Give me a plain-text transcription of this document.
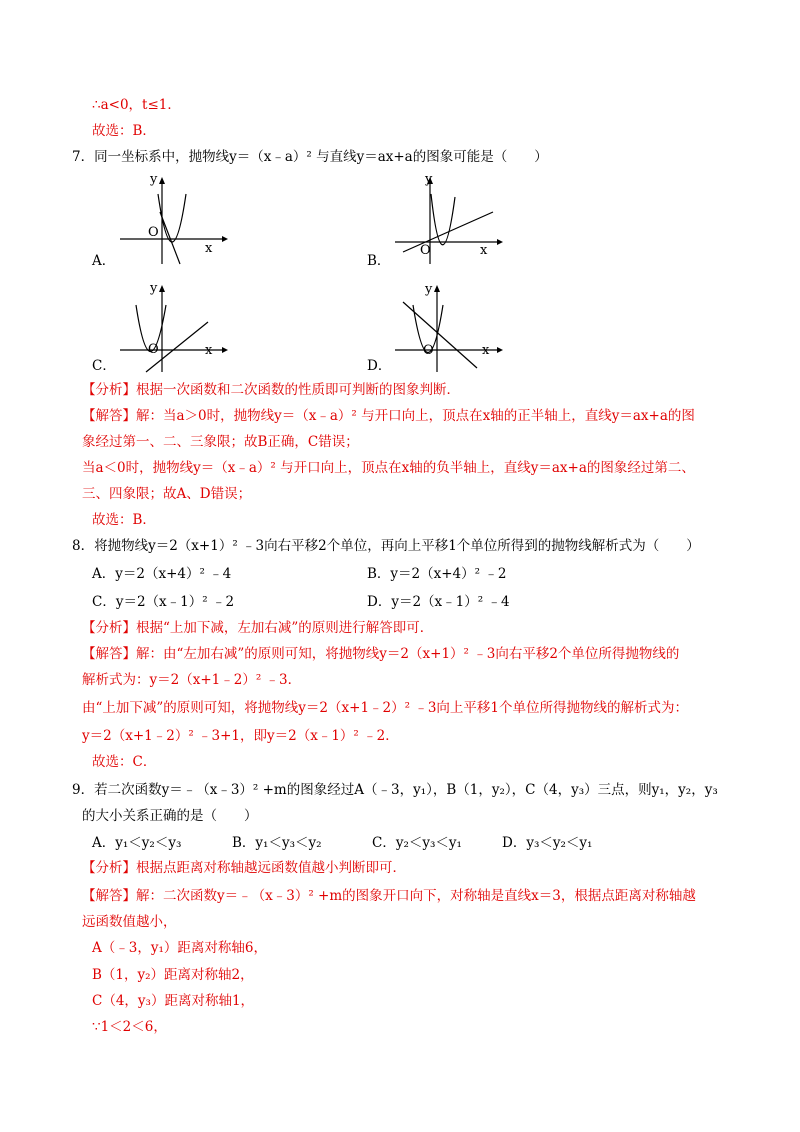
∴a<0，t≤1．
故选：B．
7．同一坐标系中，抛物线y＝（x﹣a）² 与直线y＝ax+a的图象可能是（　　）
y
x
O
A．
y
x
O
B．
y
x
O
C．
y
x
O
D．
【分析】根据一次函数和二次函数的性质即可判断的图象判断．
【解答】解：当a＞0时，抛物线y＝（x﹣a）² 与开口向上，顶点在x轴的正半轴上，直线y＝ax+a的图
象经过第一、二、三象限；故B正确，C错误；
当a＜0时，抛物线y＝（x﹣a）² 与开口向上，顶点在x轴的负半轴上，直线y＝ax+a的图象经过第二、
三、四象限；故A、D错误；
故选：B．
8．将抛物线y＝2（x+1）² ﹣3向右平移2个单位，再向上平移1个单位所得到的抛物线解析式为（　　）
A．y＝2（x+4）² ﹣4	B．y＝2（x+4）² ﹣2
C．y＝2（x﹣1）² ﹣2	D．y＝2（x﹣1）² ﹣4
【分析】根据“上加下减，左加右减”的原则进行解答即可．
【解答】解：由“左加右减”的原则可知，将抛物线y＝2（x+1）² ﹣3向右平移2个单位所得抛物线的
解析式为：y＝2（x+1﹣2）² ﹣3．
由“上加下减”的原则可知，将抛物线y＝2（x+1﹣2）² ﹣3向上平移1个单位所得抛物线的解析式为：
y＝2（x+1﹣2）² ﹣3+1，即y＝2（x﹣1）² ﹣2．
故选：C．
9．若二次函数y＝﹣（x﹣3）² +m的图象经过A（﹣3，y₁），B（1，y₂），C（4，y₃）三点，则y₁，y₂，y₃
的大小关系正确的是（　　）
A．y₁＜y₂＜y₃	B．y₁＜y₃＜y₂	C．y₂＜y₃＜y₁	D．y₃＜y₂＜y₁
【分析】根据点距离对称轴越远函数值越小判断即可．
【解答】解：二次函数y＝﹣（x﹣3）² +m的图象开口向下，对称轴是直线x＝3，根据点距离对称轴越
远函数值越小，
A（﹣3，y₁）距离对称轴6，
B（1，y₂）距离对称轴2，
C（4，y₃）距离对称轴1，
∵1＜2＜6，
